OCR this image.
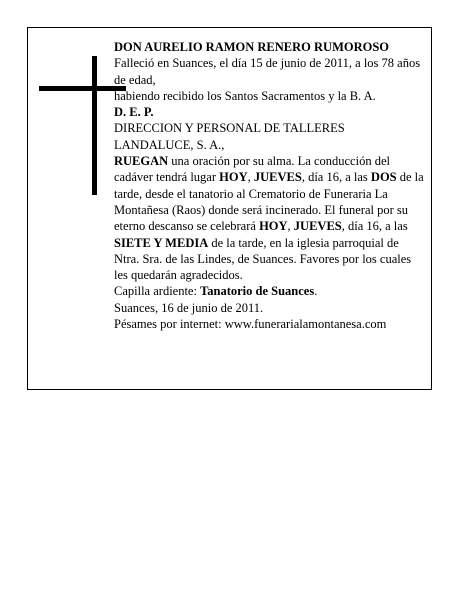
DON AURELIO RAMON RENERO RUMOROSO

Falleció en Suances, el día 15 de junio de 2011, a los 78 años de edad,

habiendo recibido los Santos Sacramentos y la B. A.

D. E. P.

DIRECCION Y PERSONAL DE TALLERES LANDALUCE, S. A.,

RUEGAN una oración por su alma. La conducción del cadáver tendrá lugar HOY, JUEVES, día 16, a las DOS de la tarde, desde el tanatorio al Crematorio de Funeraria La Montañesa (Raos) donde será incinerado. El funeral por su eterno descanso se celebrará HOY, JUEVES, día 16, a las SIETE Y MEDIA de la tarde, en la iglesia parroquial de Ntra. Sra. de las Lindes, de Suances. Favores por los cuales les quedarán agradecidos.

Capilla ardiente: Tanatorio de Suances.

Suances, 16 de junio de 2011.

Pésames por internet: www.funerarialamontanesa.com
